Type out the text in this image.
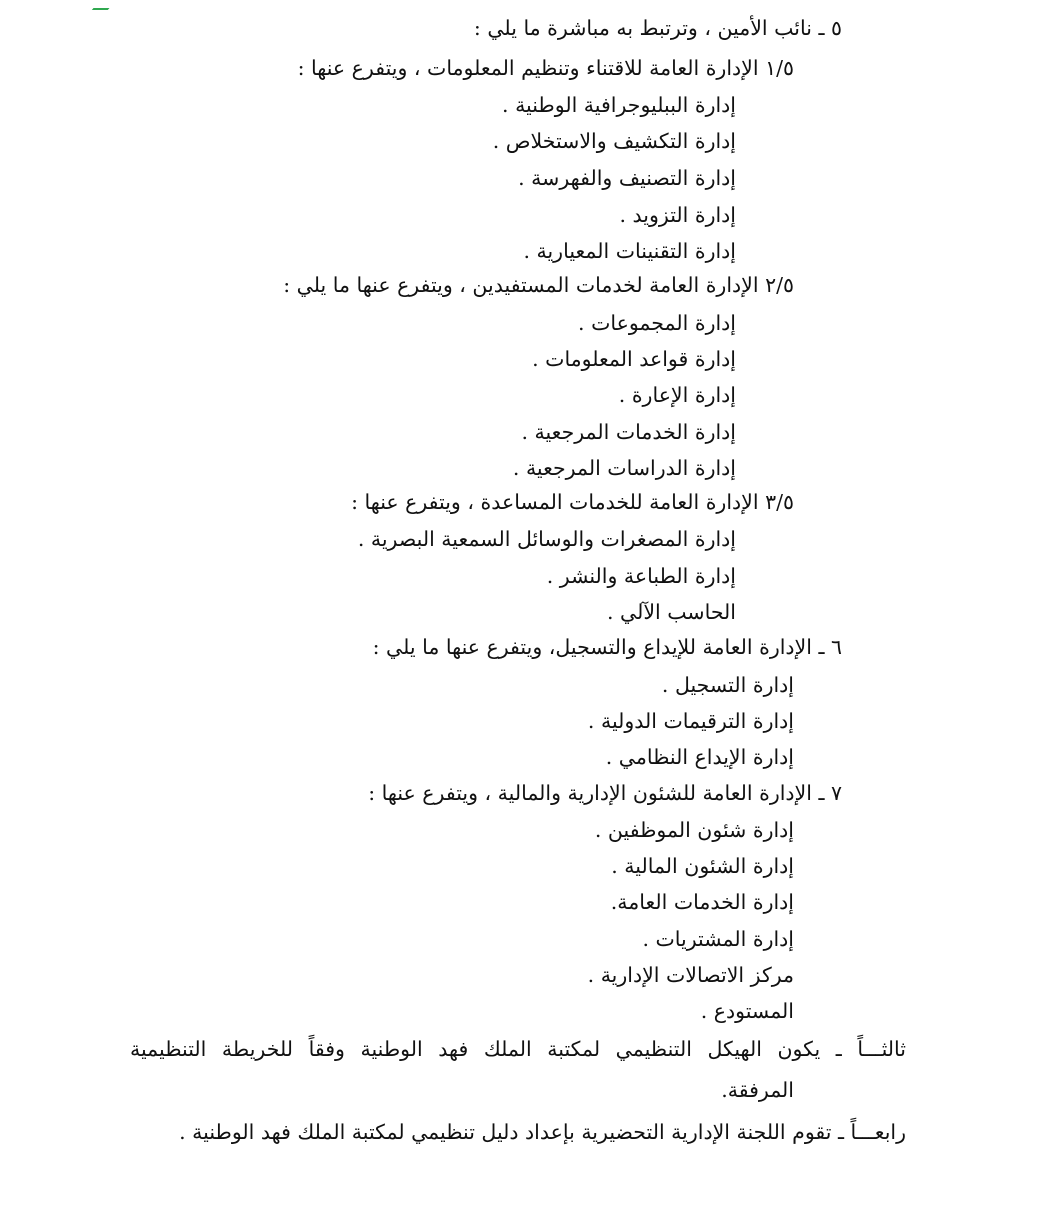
٥ ـ نائب الأمين ، وترتبط به مباشرة ما يلي :
١/٥ الإدارة العامة للاقتناء وتنظيم المعلومات ، ويتفرع عنها :
إدارة الببليوجرافية الوطنية .
إدارة التكشيف والاستخلاص .
إدارة التصنيف والفهرسة .
إدارة التزويد .
إدارة التقنينات المعيارية .
٢/٥ الإدارة العامة لخدمات المستفيدين ، ويتفرع عنها ما يلي :
إدارة المجموعات .
إدارة قواعد المعلومات .
إدارة الإعارة .
إدارة الخدمات المرجعية .
إدارة الدراسات المرجعية .
٣/٥ الإدارة العامة للخدمات المساعدة ، ويتفرع عنها :
إدارة المصغرات والوسائل السمعية البصرية .
إدارة الطباعة والنشر .
الحاسب الآلي .
٦ ـ الإدارة العامة للإيداع والتسجيل، ويتفرع عنها ما يلي :
إدارة التسجيل .
إدارة الترقيمات الدولية .
إدارة الإيداع النظامي .
٧ ـ الإدارة العامة للشئون الإدارية والمالية ، ويتفرع عنها :
إدارة شئون الموظفين .
إدارة الشئون المالية .
إدارة الخدمات العامة.
إدارة المشتريات .
مركز الاتصالات الإدارية .
المستودع .
ثالثـــاً ـ يكون الهيكل التنظيمي لمكتبة الملك فهد الوطنية وفقاً للخريطة التنظيمية
المرفقة.
رابعـــاً ـ تقوم اللجنة الإدارية التحضيرية بإعداد دليل تنظيمي لمكتبة الملك فهد الوطنية .
